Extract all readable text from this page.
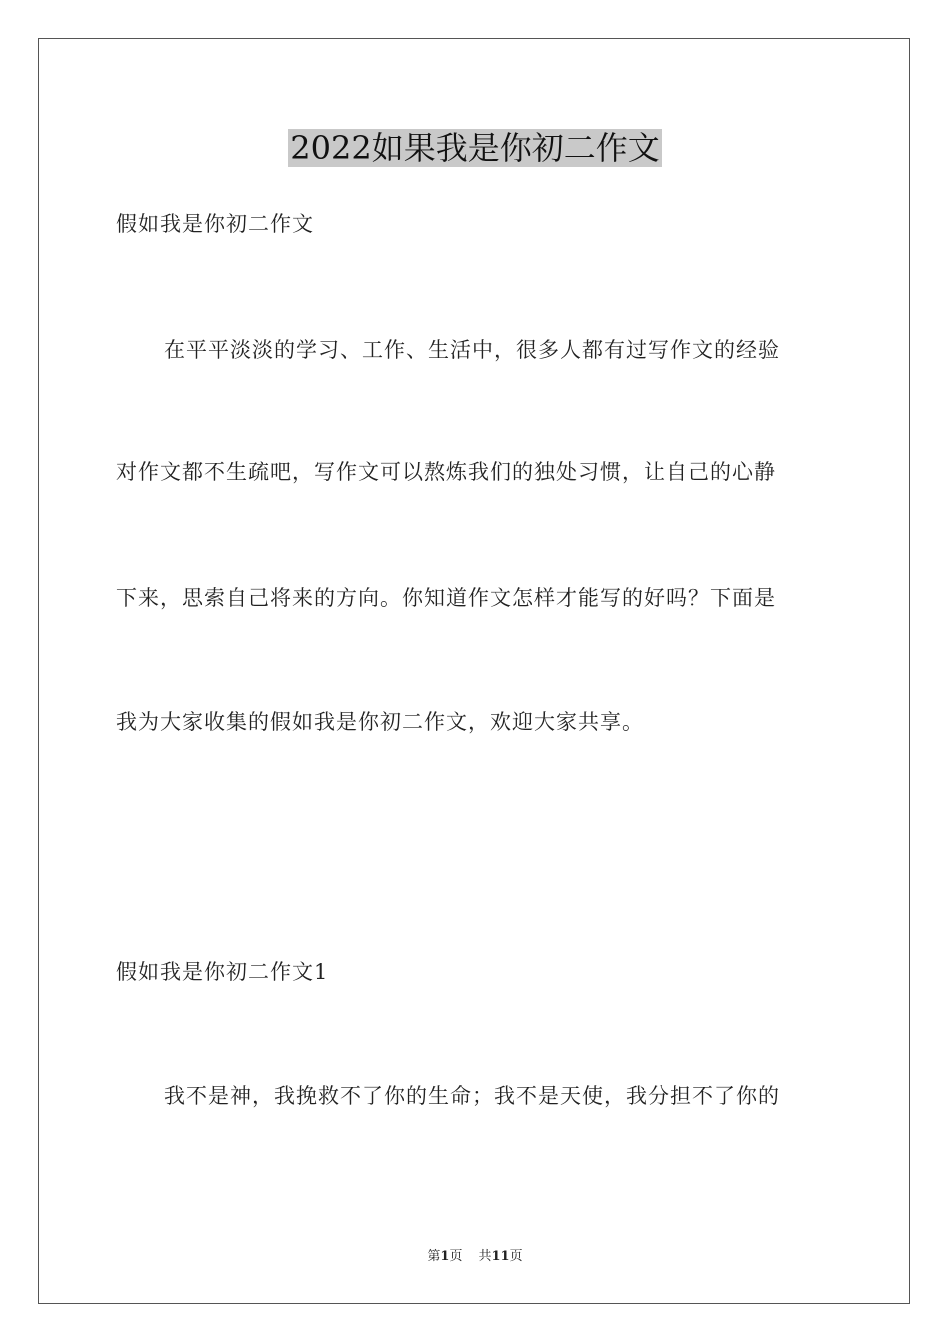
2022如果我是你初二作文
假如我是你初二作文
在平平淡淡的学习、工作、生活中，很多人都有过写作文的经验
对作文都不生疏吧，写作文可以熬炼我们的独处习惯，让自己的心静
下来，思索自己将来的方向。你知道作文怎样才能写的好吗？下面是
我为大家收集的假如我是你初二作文，欢迎大家共享。
假如我是你初二作文1
我不是神，我挽救不了你的生命；我不是天使，我分担不了你的
第1页 共11页
